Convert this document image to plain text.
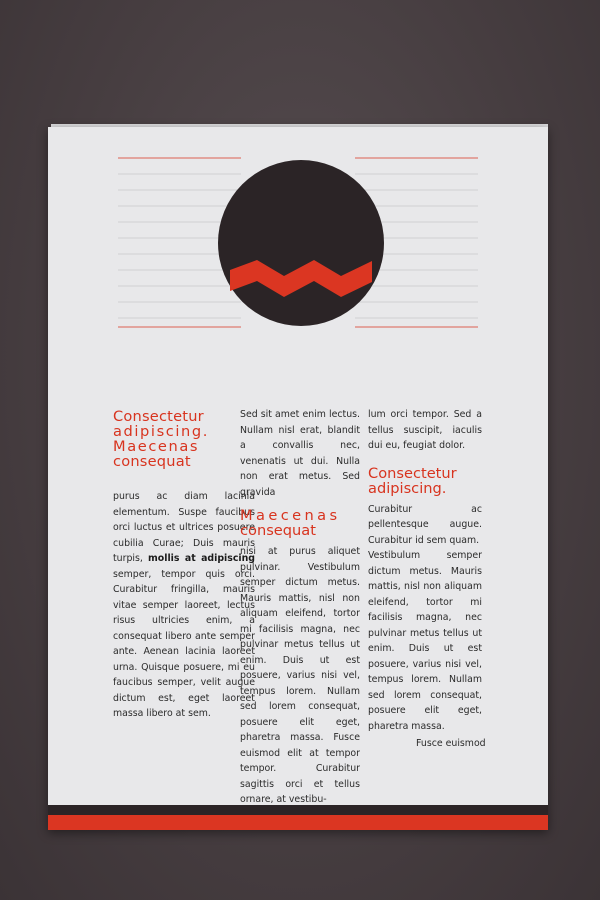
Consectetur
adipiscing.
Maecenas
consequat

purus ac diam lacinia elementum. Suspe faucibus orci luctus et ultrices posuere cubilia Curae; Duis mauris turpis, mollis at adipiscing semper, tempor quis orci. Curabitur fringilla, mauris vitae semper laoreet, lectus risus ultricies enim, a consequat libero ante semper ante. Aenean lacinia laoreet urna. Quisque posuere, mi eu faucibus semper, velit augue dictum est, eget laoreet massa libero at sem.

Sed sit amet enim lectus. Nullam nisl erat, blandit a convallis nec, venenatis ut dui. Nulla non erat metus. Sed gravida

Maecenas
consequat

nisi at purus aliquet pulvinar. Vestibulum semper dictum metus. Mauris mattis, nisl non aliquam eleifend, tortor mi facilisis magna, nec pulvinar metus tellus ut enim. Duis ut est posuere, varius nisi vel, tempus lorem. Nullam sed lorem consequat, posuere elit eget, pharetra massa. Fusce euismod elit at tempor tempor. Curabitur sagittis orci et tellus ornare, at vestibu-

lum orci tempor. Sed a tellus suscipit, iaculis dui eu, feugiat dolor.

Consectetur
adipiscing.

Curabitur ac pellentesque augue. Curabitur id sem quam.

Vestibulum semper dictum metus. Mauris mattis, nisl non aliquam eleifend, tortor mi facilisis magna, nec pulvinar metus tellus ut enim. Duis ut est posuere, varius nisi vel, tempus lorem. Nullam sed lorem consequat, posuere elit eget, pharetra massa.

Fusce euismod
